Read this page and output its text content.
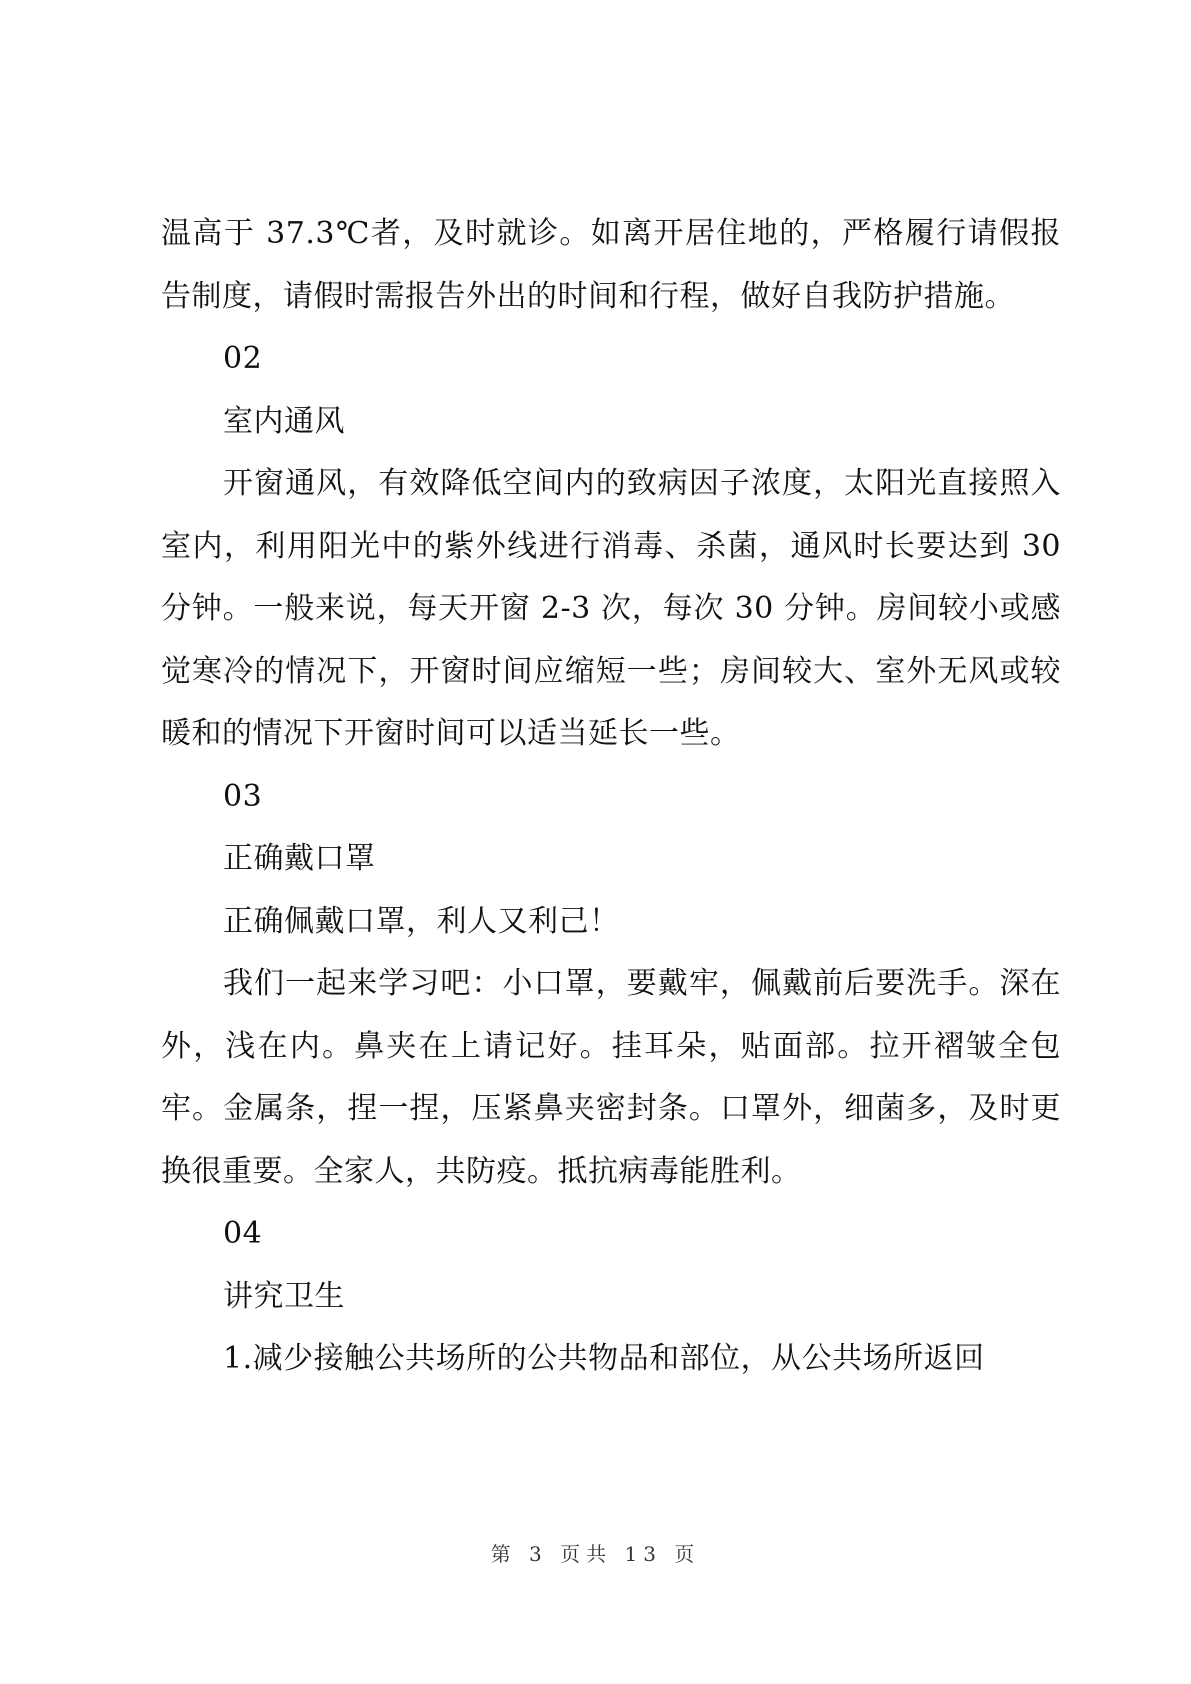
温高于 37.3℃者，及时就诊。如离开居住地的，严格履行请假报告制度，请假时需报告外出的时间和行程，做好自我防护措施。

02

室内通风

开窗通风，有效降低空间内的致病因子浓度，太阳光直接照入室内，利用阳光中的紫外线进行消毒、杀菌，通风时长要达到 30 分钟。一般来说，每天开窗 2-3 次，每次 30 分钟。房间较小或感觉寒冷的情况下，开窗时间应缩短一些；房间较大、室外无风或较暖和的情况下开窗时间可以适当延长一些。

03

正确戴口罩

正确佩戴口罩，利人又利己！

我们一起来学习吧：小口罩，要戴牢，佩戴前后要洗手。深在外，浅在内。鼻夹在上请记好。挂耳朵，贴面部。拉开褶皱全包牢。金属条，捏一捏，压紧鼻夹密封条。口罩外，细菌多，及时更换很重要。全家人，共防疫。抵抗病毒能胜利。

04

讲究卫生

1.减少接触公共场所的公共物品和部位，从公共场所返回

第 3 页共 13 页
